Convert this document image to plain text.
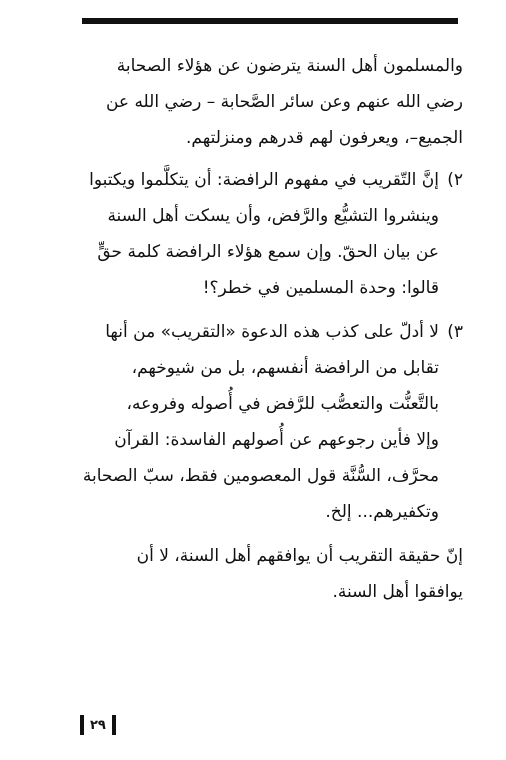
والمسلمون أهل السنة يترضون عن هؤلاء الصحابة
رضي الله عنهم وعن سائر الصَّحابة – رضي الله عن
الجميع–، ويعرفون لهم قدرهم ومنزلتهم.
٢)
إنَّ التّقريب في مفهوم الرافضة: أن يتكلَّموا ويكتبوا
وينشروا التشيُّع والرَّفض، وأن يسكت أهل السنة
عن بيان الحقّ. وإن سمع هؤلاء الرافضة كلمة حقٍّ
قالوا: وحدة المسلمين في خطر؟!
٣)
لا أدلّ على كذب هذه الدعوة «التقريب» من أنها
تقابل من الرافضة أنفسهم، بل من شيوخهم،
بالتَّعنُّت والتعصُّب للرَّفض في أُصوله وفروعه،
وإلا فأين رجوعهم عن أُصولهم الفاسدة: القرآن
محرَّف، السُّنَّة قول المعصومين فقط، سبّ الصحابة
وتكفيرهم... إلخ.
إنّ حقيقة التقريب أن يوافقهم أهل السنة، لا أن
يوافقوا أهل السنة.
٢٩
